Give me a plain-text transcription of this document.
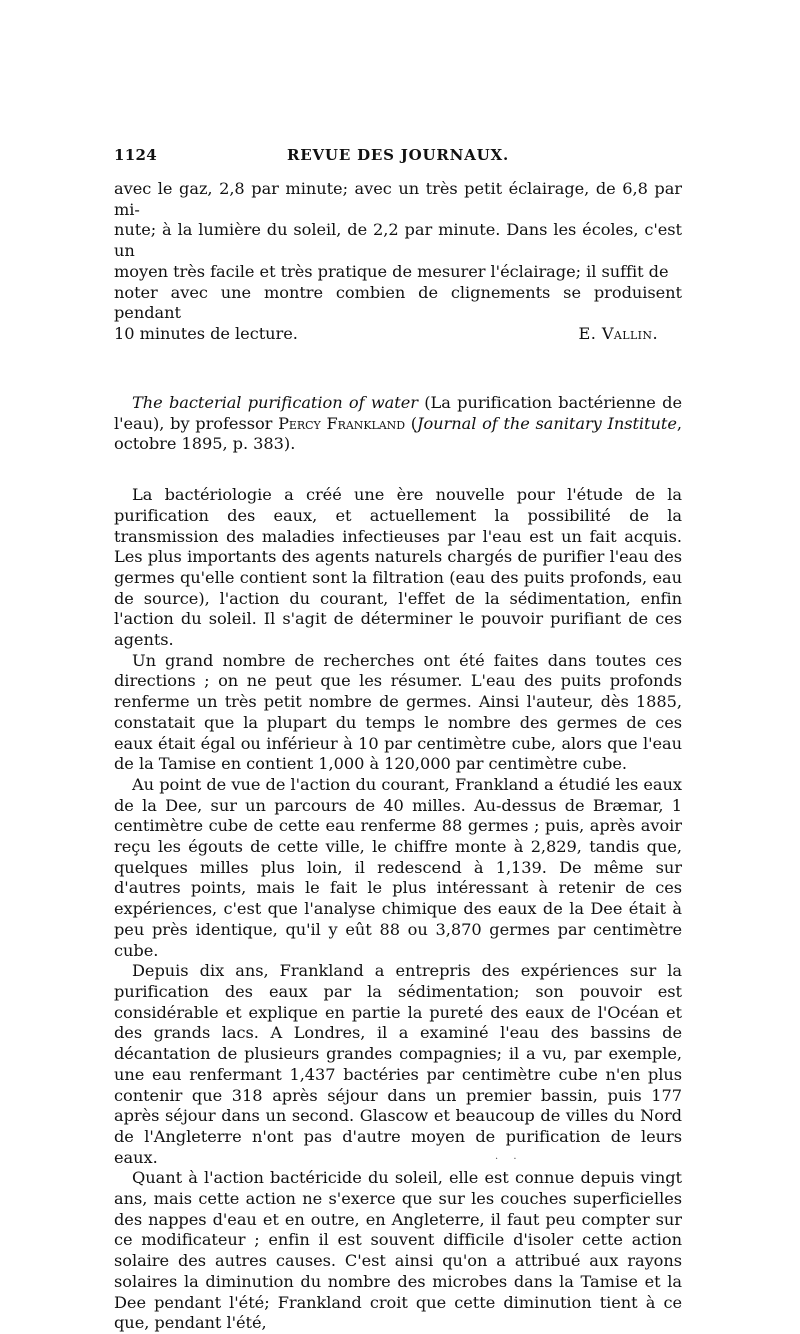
1124	REVUE DES JOURNAUX.

avec le gaz, 2,8 par minute; avec un très petit éclairage, de 6,8 par mi-

nute; à la lumière du soleil, de 2,2 par minute. Dans les écoles, c'est un

moyen très facile et très pratique de mesurer l'éclairage; il suffit de

noter avec une montre combien de clignements se produisent pendant

10 minutes de lecture.	E. Vallin.

The bacterial purification of water (La purification bactérienne de l'eau), by professor Percy Frankland (Journal of the sanitary Institute, octobre 1895, p. 383).

La bactériologie a créé une ère nouvelle pour l'étude de la purification des eaux, et actuellement la possibilité de la transmission des maladies infectieuses par l'eau est un fait acquis. Les plus importants des agents naturels chargés de purifier l'eau des germes qu'elle contient sont la filtration (eau des puits profonds, eau de source), l'action du courant, l'effet de la sédimentation, enfin l'action du soleil. Il s'agit de déterminer le pouvoir purifiant de ces agents.

Un grand nombre de recherches ont été faites dans toutes ces directions ; on ne peut que les résumer. L'eau des puits profonds renferme un très petit nombre de germes. Ainsi l'auteur, dès 1885, constatait que la plupart du temps le nombre des germes de ces eaux était égal ou inférieur à 10 par centimètre cube, alors que l'eau de la Tamise en contient 1,000 à 120,000 par centimètre cube.

Au point de vue de l'action du courant, Frankland a étudié les eaux de la Dee, sur un parcours de 40 milles. Au-dessus de Bræmar, 1 centimètre cube de cette eau renferme 88 germes ; puis, après avoir reçu les égouts de cette ville, le chiffre monte à 2,829, tandis que, quelques milles plus loin, il redescend à 1,139. De même sur d'autres points, mais le fait le plus intéressant à retenir de ces expériences, c'est que l'analyse chimique des eaux de la Dee était à peu près identique, qu'il y eût 88 ou 3,870 germes par centimètre cube.

Depuis dix ans, Frankland a entrepris des expériences sur la purification des eaux par la sédimentation; son pouvoir est considérable et explique en partie la pureté des eaux de l'Océan et des grands lacs. A Londres, il a examiné l'eau des bassins de décantation de plusieurs grandes compagnies; il a vu, par exemple, une eau renfermant 1,437 bactéries par centimètre cube n'en plus contenir que 318 après séjour dans un premier bassin, puis 177 après séjour dans un second. Glascow et beaucoup de villes du Nord de l'Angleterre n'ont pas d'autre moyen de purification de leurs eaux.

Quant à l'action bactéricide du soleil, elle est connue depuis vingt ans, mais cette action ne s'exerce que sur les couches superficielles des nappes d'eau et en outre, en Angleterre, il faut peu compter sur ce modificateur ; enfin il est souvent difficile d'isoler cette action solaire des autres causes. C'est ainsi qu'on a attribué aux rayons solaires la diminution du nombre des microbes dans la Tamise et la Dee pendant l'été; Frankland croit que cette diminution tient à ce que, pendant l'été,

· ·
